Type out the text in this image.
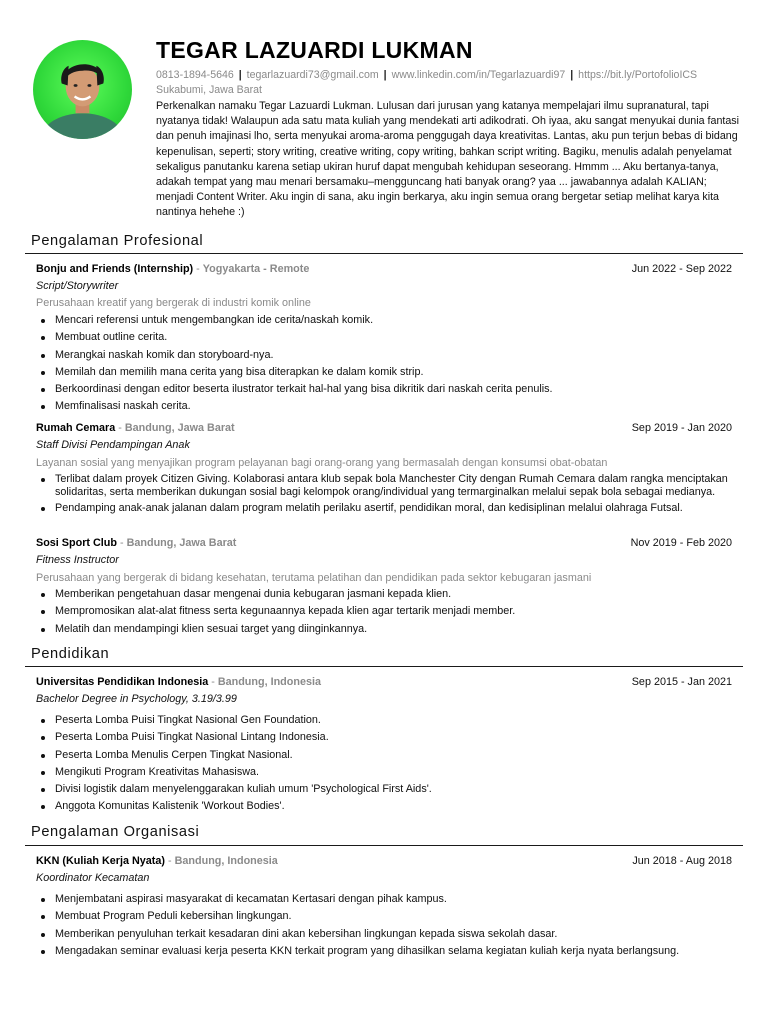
TEGAR LAZUARDI LUKMAN
0813-1894-5646 | tegarlazuardi73@gmail.com | www.linkedin.com/in/Tegarlazuardi97 | https://bit.ly/PortofolioICS
Sukabumi, Jawa Barat

Perkenalkan namaku Tegar Lazuardi Lukman. Lulusan dari jurusan yang katanya mempelajari ilmu supranatural, tapi nyatanya tidak! Walaupun ada satu mata kuliah yang mendekati arti adikodrati. Oh iyaa, aku sangat menyukai dunia fantasi dan penuh imajinasi lho, serta menyukai aroma-aroma penggugah daya kreativitas. Lantas, aku pun terjun bebas di bidang kepenulisan, seperti; story writing, creative writing, copy writing, bahkan script writing. Bagiku, menulis adalah penyelamat sekaligus panutanku karena setiap ukiran huruf dapat mengubah kehidupan seseorang. Hmmm ... Aku bertanya-tanya, adakah tempat yang mau menari bersamaku–mengguncang hati banyak orang? yaa ... jawabannya adalah KALIAN; menjadi Content Writer. Aku ingin di sana, aku ingin berkarya, aku ingin semua orang bergetar setiap melihat karya kita nantinya hehehe :)

Pengalaman Profesional
Bonju and Friends (Internship) - Yogyakarta - Remote	Jun 2022 - Sep 2022
Script/Storywriter
Perusahaan kreatif yang bergerak di industri komik online
Mencari referensi untuk mengembangkan ide cerita/naskah komik.
Membuat outline cerita.
Merangkai naskah komik dan storyboard-nya.
Memilah dan memilih mana cerita yang bisa diterapkan ke dalam komik strip.
Berkoordinasi dengan editor beserta ilustrator terkait hal-hal yang bisa dikritik dari naskah cerita penulis.
Memfinalisasi naskah cerita.
Rumah Cemara - Bandung, Jawa Barat	Sep 2019 - Jan 2020
Staff Divisi Pendampingan Anak
Layanan sosial yang menyajikan program pelayanan bagi orang-orang yang bermasalah dengan konsumsi obat-obatan
Terlibat dalam proyek Citizen Giving. Kolaborasi antara klub sepak bola Manchester City dengan Rumah Cemara dalam rangka menciptakan solidaritas, serta memberikan dukungan sosial bagi kelompok orang/individual yang termarginalkan melalui sepak bola sebagai medianya.
Pendamping anak-anak jalanan dalam program melatih perilaku asertif, pendidikan moral, dan kedisiplinan melalui olahraga Futsal.
Sosi Sport Club - Bandung, Jawa Barat	Nov 2019 - Feb 2020
Fitness Instructor
Perusahaan yang bergerak di bidang kesehatan, terutama pelatihan dan pendidikan pada sektor kebugaran jasmani
Memberikan pengetahuan dasar mengenai dunia kebugaran jasmani kepada klien.
Mempromosikan alat-alat fitness serta kegunaannya kepada klien agar tertarik menjadi member.
Melatih dan mendampingi klien sesuai target yang diinginkannya.
Pendidikan
Universitas Pendidikan Indonesia - Bandung, Indonesia	Sep 2015 - Jan 2021
Bachelor Degree in Psychology, 3.19/3.99
Peserta Lomba Puisi Tingkat Nasional Gen Foundation.
Peserta Lomba Puisi Tingkat Nasional Lintang Indonesia.
Peserta Lomba Menulis Cerpen Tingkat Nasional.
Mengikuti Program Kreativitas Mahasiswa.
Divisi logistik dalam menyelenggarakan kuliah umum 'Psychological First Aids'.
Anggota Komunitas Kalistenik 'Workout Bodies'.
Pengalaman Organisasi
KKN (Kuliah Kerja Nyata) - Bandung, Indonesia	Jun 2018 - Aug 2018
Koordinator Kecamatan
Menjembatani aspirasi masyarakat di kecamatan Kertasari dengan pihak kampus.
Membuat Program Peduli kebersihan lingkungan.
Memberikan penyuluhan terkait kesadaran dini akan kebersihan lingkungan kepada siswa sekolah dasar.
Mengadakan seminar evaluasi kerja peserta KKN terkait program yang dihasilkan selama kegiatan kuliah kerja nyata berlangsung.
